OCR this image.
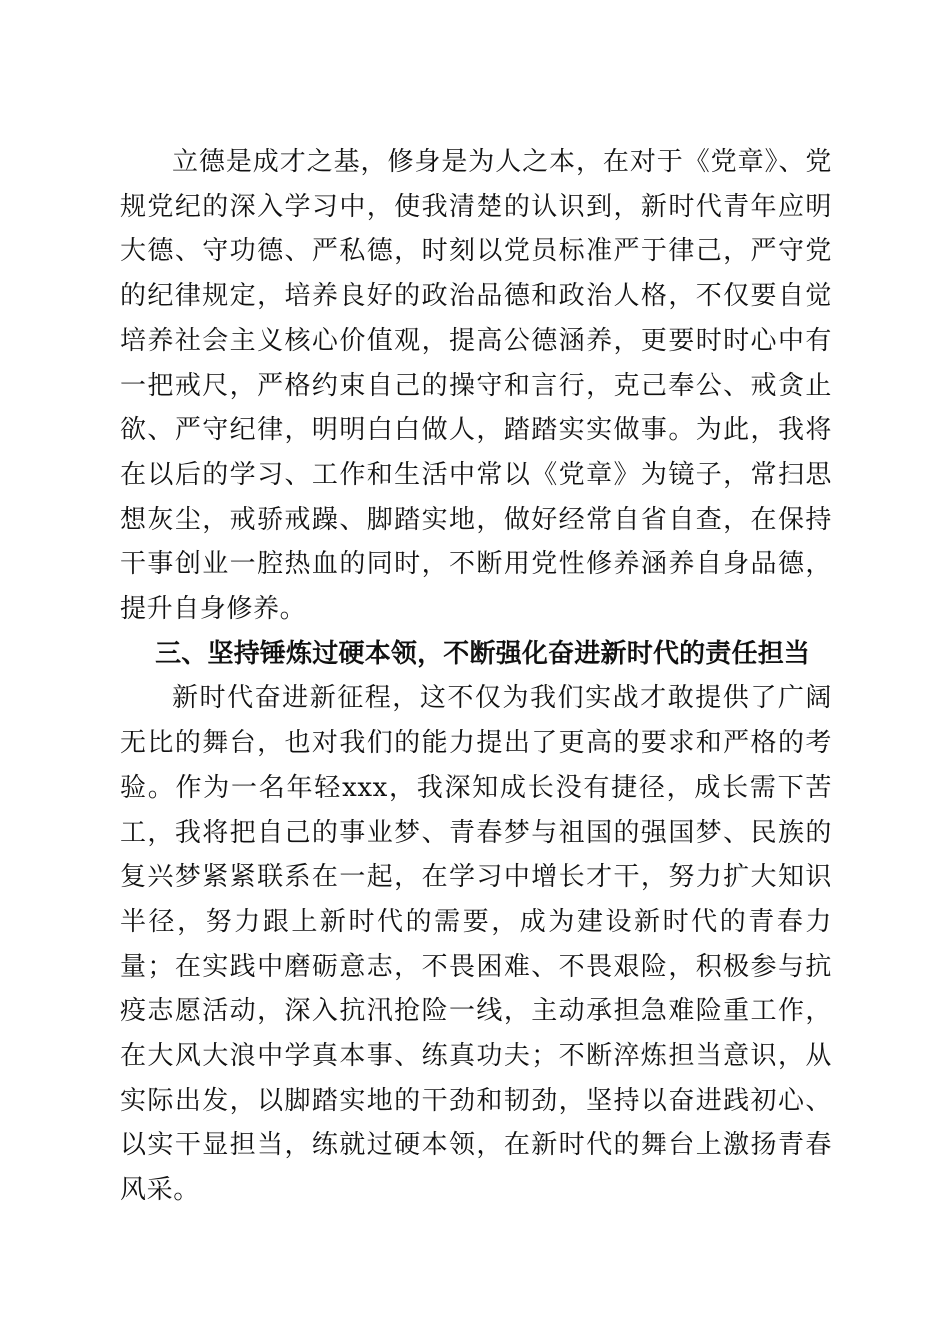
立德是成才之基，修身是为人之本，在对于《党章》、党规党纪的深入学习中，使我清楚的认识到，新时代青年应明大德、守功德、严私德，时刻以党员标准严于律己，严守党的纪律规定，培养良好的政治品德和政治人格，不仅要自觉培养社会主义核心价值观，提高公德涵养，更要时时心中有一把戒尺，严格约束自己的操守和言行，克己奉公、戒贪止欲、严守纪律，明明白白做人，踏踏实实做事。为此，我将在以后的学习、工作和生活中常以《党章》为镜子，常扫思想灰尘，戒骄戒躁、脚踏实地，做好经常自省自查，在保持干事创业一腔热血的同时，不断用党性修养涵养自身品德，提升自身修养。

三、坚持锤炼过硬本领，不断强化奋进新时代的责任担当

新时代奋进新征程，这不仅为我们实战才敢提供了广阔无比的舞台，也对我们的能力提出了更高的要求和严格的考验。作为一名年轻xxx，我深知成长没有捷径，成长需下苦工，我将把自己的事业梦、青春梦与祖国的强国梦、民族的复兴梦紧紧联系在一起，在学习中增长才干，努力扩大知识半径，努力跟上新时代的需要，成为建设新时代的青春力量；在实践中磨砺意志，不畏困难、不畏艰险，积极参与抗疫志愿活动，深入抗汛抢险一线，主动承担急难险重工作，在大风大浪中学真本事、练真功夫；不断淬炼担当意识，从实际出发，以脚踏实地的干劲和韧劲，坚持以奋进践初心、以实干显担当，练就过硬本领，在新时代的舞台上激扬青春风采。
